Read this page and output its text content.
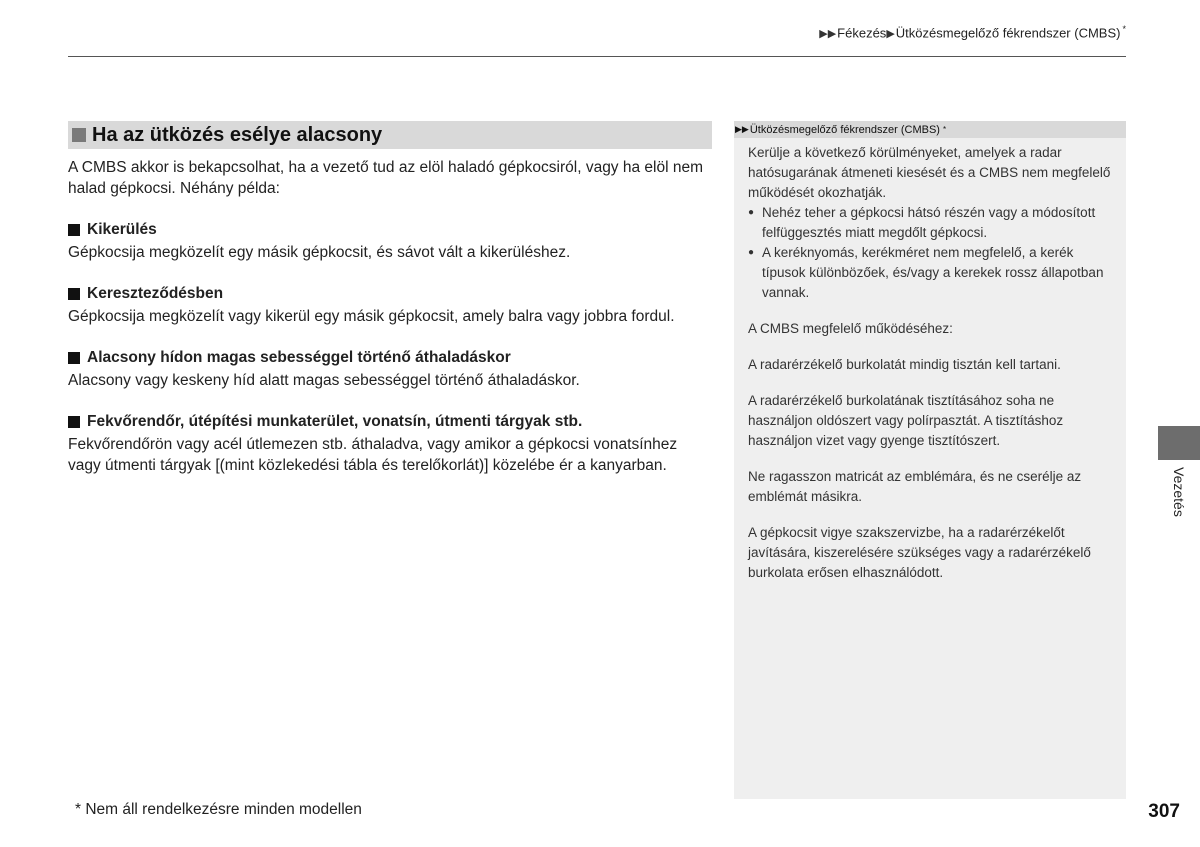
▶▶Fékezés▶Ütközésmegelőző fékrendszer (CMBS) *
Ha az ütközés esélye alacsony

A CMBS akkor is bekapcsolhat, ha a vezető tud az elöl haladó gépkocsiról, vagy ha elöl nem halad gépkocsi. Néhány példa:

Kikerülés

Gépkocsija megközelít egy másik gépkocsit, és sávot vált a kikerüléshez.

Kereszteződésben

Gépkocsija megközelít vagy kikerül egy másik gépkocsit, amely balra vagy jobbra fordul.

Alacsony hídon magas sebességgel történő áthaladáskor

Alacsony vagy keskeny híd alatt magas sebességgel történő áthaladáskor.

Fekvőrendőr, útépítési munkaterület, vonatsín, útmenti tárgyak stb.

Fekvőrendőrön vagy acél útlemezen stb. áthaladva, vagy amikor a gépkocsi vonatsínhez vagy útmenti tárgyak [(mint közlekedési tábla és terelőkorlát)] közelébe ér a kanyarban.

▶▶ Ütközésmegelőző fékrendszer (CMBS) *

Kerülje a következő körülményeket, amelyek a radar hatósugarának átmeneti kiesését és a CMBS nem megfelelő működését okozhatják.

● Nehéz teher a gépkocsi hátsó részén vagy a módosított felfüggesztés miatt megdőlt gépkocsi.
● A keréknyomás, kerékméret nem megfelelő, a kerék típusok különbözőek, és/vagy a kerekek rossz állapotban vannak.

A CMBS megfelelő működéséhez:

A radarérzékelő burkolatát mindig tisztán kell tartani.

A radarérzékelő burkolatának tisztításához soha ne használjon oldószert vagy polírpasztát. A tisztításhoz használjon vizet vagy gyenge tisztítószert.

Ne ragasszon matricát az emblémára, és ne cserélje az emblémát másikra.

A gépkocsit vigye szakszervizbe, ha a radarérzékelőt javítására, kiszerelésére szükséges vagy a radarérzékelő burkolata erősen elhasználódott.

Vezetés
* Nem áll rendelkezésre minden modellen	307
